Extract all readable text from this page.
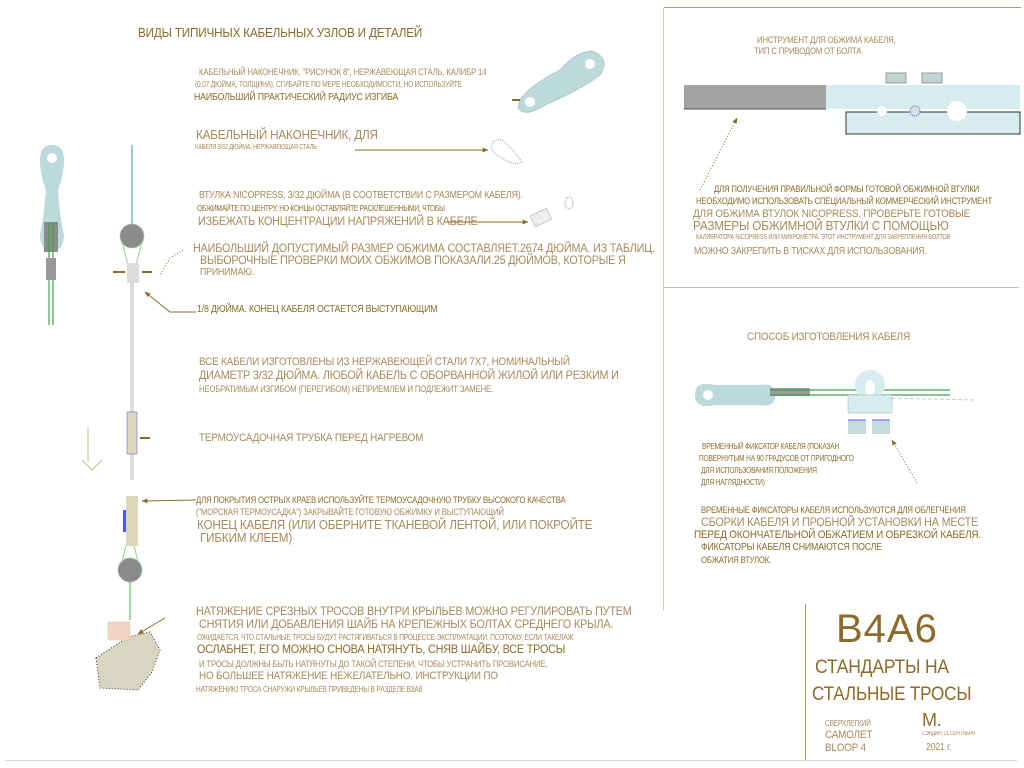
ВИДЫ ТИПИЧНЫХ КАБЕЛЬНЫХ УЗЛОВ И ДЕТАЛЕЙ
КАБЕЛЬНЫЙ НАКОНЕЧНИК, "РИСУНОК 8", НЕРЖАВЕЮЩАЯ СТАЛЬ, КАЛИБР 14
(0,07 ДЮЙМА, ТОЛЩИНА), СГИБАЙТЕ ПО МЕРЕ НЕОБХОДИМОСТИ, НО ИСПОЛЬЗУЙТЕ
НАИБОЛЬШИЙ ПРАКТИЧЕСКИЙ РАДИУС ИЗГИБА
КАБЕЛЬНЫЙ НАКОНЕЧНИК, ДЛЯ
КАБЕЛЯ 3/32 ДЮЙМА, НЕРЖАВЕЮЩАЯ СТАЛЬ
ВТУЛКА NICOPRESS, 3/32 ДЮЙМА (В СООТВЕТСТВИИ С РАЗМЕРОМ КАБЕЛЯ).
ОБЖИМАЙТЕ ПО ЦЕНТРУ, НО КОНЦЫ ОСТАВЛЯЙТЕ РАСКЛЕШЕННЫМИ, ЧТОБЫ
ИЗБЕЖАТЬ КОНЦЕНТРАЦИИ НАПРЯЖЕНИЙ В КАБЕЛЕ
НАИБОЛЬШИЙ ДОПУСТИМЫЙ РАЗМЕР ОБЖИМА СОСТАВЛЯЕТ.2674 ДЮЙМА. ИЗ ТАБЛИЦ.
ВЫБОРОЧНЫЕ ПРОВЕРКИ МОИХ ОБЖИМОВ ПОКАЗАЛИ.25 ДЮЙМОВ, КОТОРЫЕ Я
ПРИНИМАЮ.
1/8 ДЮЙМА. КОНЕЦ КАБЕЛЯ ОСТАЕТСЯ ВЫСТУПАЮЩИМ
ВСЕ КАБЕЛИ ИЗГОТОВЛЕНЫ ИЗ НЕРЖАВЕЮЩЕЙ СТАЛИ 7Х7, НОМИНАЛЬНЫЙ
ДИАМЕТР 3/32 ДЮЙМА. ЛЮБОЙ КАБЕЛЬ С ОБОРВАННОЙ ЖИЛОЙ ИЛИ РЕЗКИМ И
НЕОБРАТИМЫМ ИЗГИБОМ (ПЕРЕГИБОМ) НЕПРИЕМЛЕМ И ПОДЛЕЖИТ ЗАМЕНЕ.
ТЕРМОУСАДОЧНАЯ ТРУБКА ПЕРЕД НАГРЕВОМ
ДЛЯ ПОКРЫТИЯ ОСТРЫХ КРАЕВ ИСПОЛЬЗУЙТЕ ТЕРМОУСАДОЧНУЮ ТРУБКУ ВЫСОКОГО КАЧЕСТВА
("МОРСКАЯ ТЕРМОУСАДКА") ЗАКРЫВАЙТЕ ГОТОВУЮ ОБЖИМКУ И ВЫСТУПАЮЩИЙ
КОНЕЦ КАБЕЛЯ (ИЛИ ОБЕРНИТЕ ТКАНЕВОЙ ЛЕНТОЙ, ИЛИ ПОКРОЙТЕ
ГИБКИМ КЛЕЕМ)
НАТЯЖЕНИЕ СРЕЗНЫХ ТРОСОВ ВНУТРИ КРЫЛЬЕВ МОЖНО РЕГУЛИРОВАТЬ ПУТЕМ
СНЯТИЯ ИЛИ ДОБАВЛЕНИЯ ШАЙБ НА КРЕПЕЖНЫХ БОЛТАХ СРЕДНЕГО КРЫЛА.
ОЖИДАЕТСЯ, ЧТО СТАЛЬНЫЕ ТРОСЫ БУДУТ РАСТЯГИВАТЬСЯ В ПРОЦЕССЕ ЭКСПЛУАТАЦИИ, ПОЭТОМУ, ЕСЛИ ТАКЕЛАЖ
ОСЛАБНЕТ, ЕГО МОЖНО СНОВА НАТЯНУТЬ, СНЯВ ШАЙБУ, ВСЕ ТРОСЫ
И ТРОСЫ ДОЛЖНЫ БЫТЬ НАТЯНУТЫ ДО ТАКОЙ СТЕПЕНИ, ЧТОБЫ УСТРАНИТЬ ПРОВИСАНИЕ,
НО БОЛЬШЕЕ НАТЯЖЕНИЕ НЕЖЕЛАТЕЛЬНО. ИНСТРУКЦИИ ПО
НАТЯЖЕНИЮ ТРОСА СНАРУЖИ КРЫЛЬЕВ ПРИВЕДЕНЫ В РАЗДЕЛЕ B3A8
ИНСТРУМЕНТ ДЛЯ ОБЖИМА КАБЕЛЯ,
ТИП С ПРИВОДОМ ОТ БОЛТА
ДЛЯ ПОЛУЧЕНИЯ ПРАВИЛЬНОЙ ФОРМЫ ГОТОВОЙ ОБЖИМНОЙ ВТУЛКИ
НЕОБХОДИМО ИСПОЛЬЗОВАТЬ СПЕЦИАЛЬНЫЙ КОММЕРЧЕСКИЙ ИНСТРУМЕНТ
ДЛЯ ОБЖИМА ВТУЛОК NICOPRESS. ПРОВЕРЬТЕ ГОТОВЫЕ
РАЗМЕРЫ ОБЖИМНОЙ ВТУЛКИ С ПОМОЩЬЮ
КАЛИБРАТОРА NICOPRESS ИЛИ МИКРОМЕТРА. ЭТОТ ИНСТРУМЕНТ ДЛЯ ЗАКРЕПЛЕНИЯ БОЛТОВ
МОЖНО ЗАКРЕПИТЬ В ТИСКАХ ДЛЯ ИСПОЛЬЗОВАНИЯ.
СПОСОБ ИЗГОТОВЛЕНИЯ КАБЕЛЯ
ВРЕМЕННЫЙ ФИКСАТОР КАБЕЛЯ (ПОКАЗАН
ПОВЕРНУТЫМ НА 90 ГРАДУСОВ ОТ ПРИГОДНОГО
ДЛЯ ИСПОЛЬЗОВАНИЯ ПОЛОЖЕНИЯ
ДЛЯ НАГЛЯДНОСТИ)
ВРЕМЕННЫЕ ФИКСАТОРЫ КАБЕЛЯ ИСПОЛЬЗУЮТСЯ ДЛЯ ОБЛЕГЧЕНИЯ
СБОРКИ КАБЕЛЯ И ПРОБНОЙ УСТАНОВКИ НА МЕСТЕ
ПЕРЕД ОКОНЧАТЕЛЬНОЙ ОБЖАТИЕМ И ОБРЕЗКОЙ КАБЕЛЯ.
ФИКСАТОРЫ КАБЕЛЯ СНИМАЮТСЯ ПОСЛЕ
ОБЖАТИЯ ВТУЛОК.
B4A6
СТАНДАРТЫ НА
СТАЛЬНЫЕ ТРОСЫ
СВЕРХЛЕГКИЙ
САМОЛЕТ
BLOOP 4
М.
СЭНДИН, 21 СЕНТЯБРЯ
2021 г.
